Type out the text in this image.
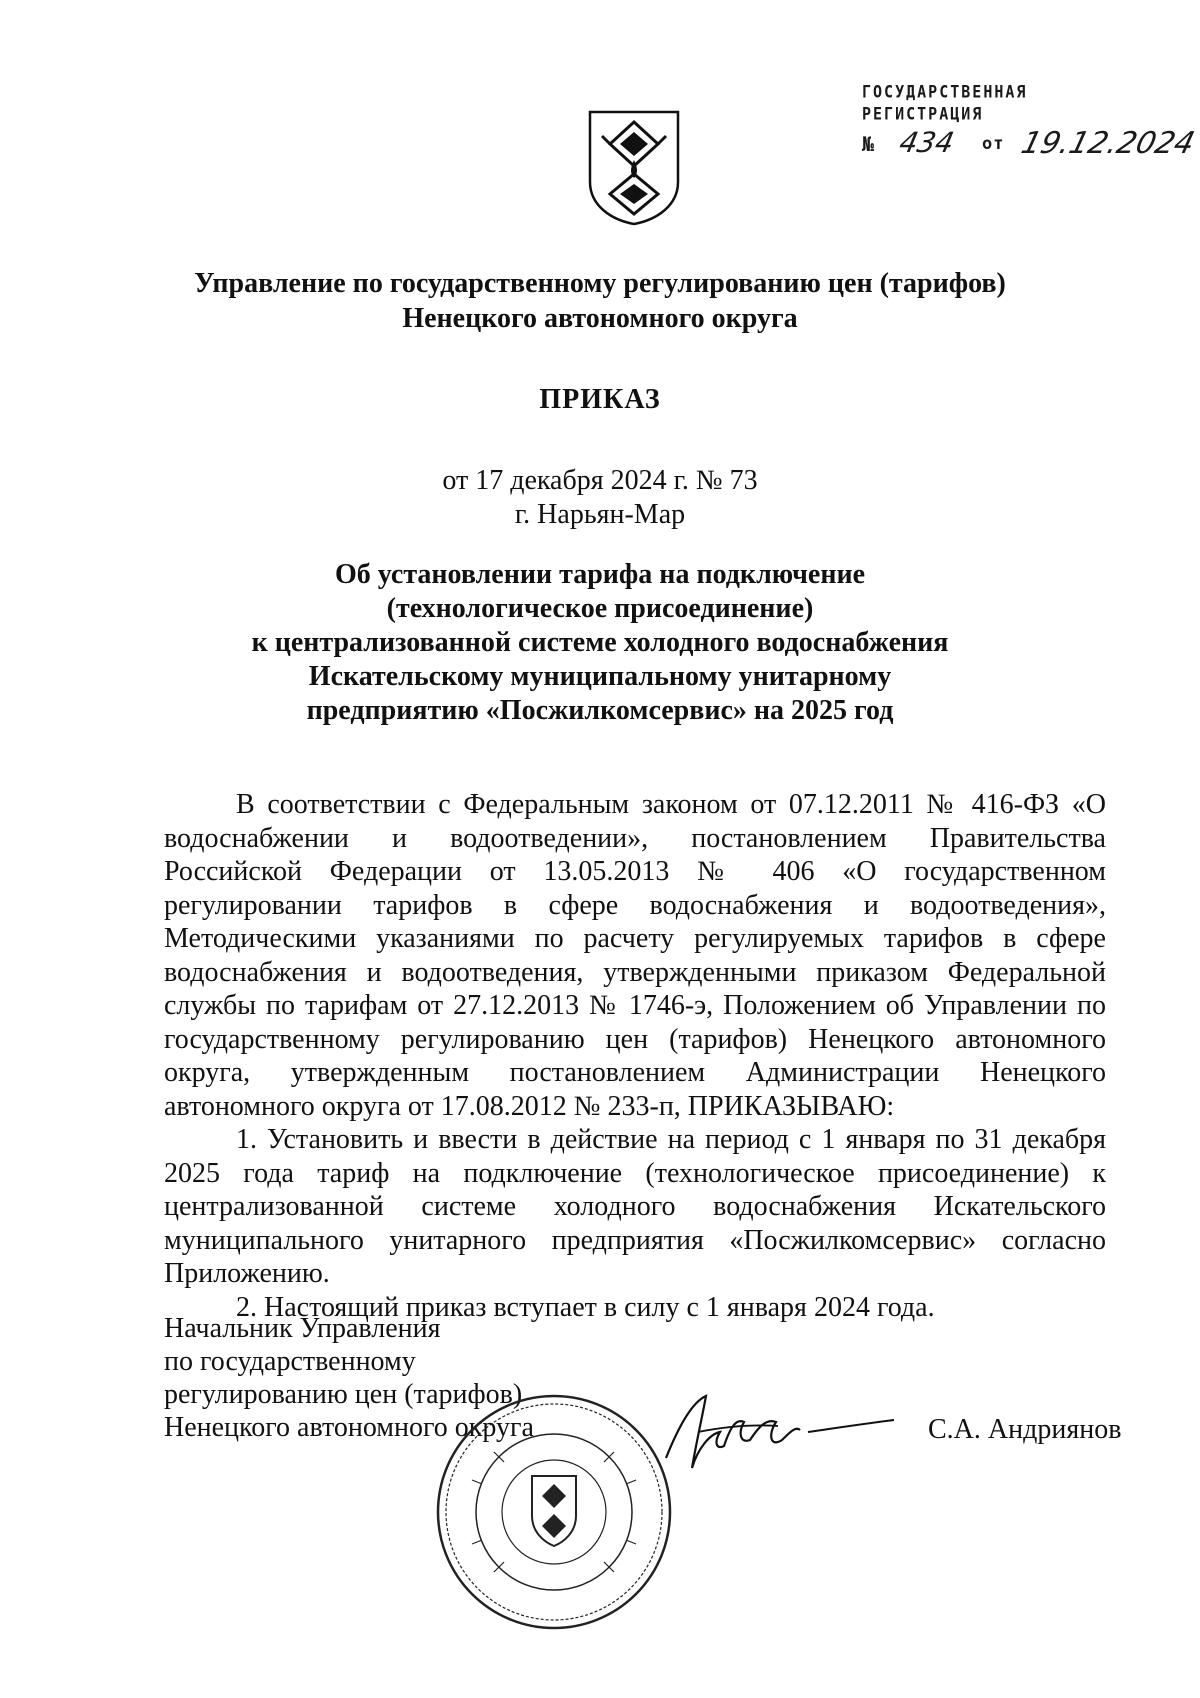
ГОСУДАРСТВЕННАЯ
РЕГИСТРАЦИЯ
№ 434 от 19.12.2024
Управление по государственному регулированию цен (тарифов)
Ненецкого автономного округа
ПРИКАЗ
от 17 декабря 2024 г. № 73
г. Нарьян-Мар
Об установлении тарифа на подключение
(технологическое присоединение)
к централизованной системе холодного водоснабжения
Искательскому муниципальному унитарному
предприятию «Посжилкомсервис» на 2025 год

В соответствии с Федеральным законом от 07.12.2011 № 416-ФЗ «О водоснабжении и водоотведении», постановлением Правительства Российской Федерации от 13.05.2013 № 406 «О государственном регулировании тарифов в сфере водоснабжения и водоотведения», Методическими указаниями по расчету регулируемых тарифов в сфере водоснабжения и водоотведения, утвержденными приказом Федеральной службы по тарифам от 27.12.2013 № 1746-э, Положением об Управлении по государственному регулированию цен (тарифов) Ненецкого автономного округа, утвержденным постановлением Администрации Ненецкого автономного округа от 17.08.2012 № 233-п, ПРИКАЗЫВАЮ:

1. Установить и ввести в действие на период с 1 января по 31 декабря 2025 года тариф на подключение (технологическое присоединение) к централизованной системе холодного водоснабжения Искательского муниципального унитарного предприятия «Посжилкомсервис» согласно Приложению.

2. Настоящий приказ вступает в силу с 1 января 2024 года.

Начальник Управления
по государственному
регулированию цен (тарифов)
Ненецкого автономного округа	С.А. Андриянов
